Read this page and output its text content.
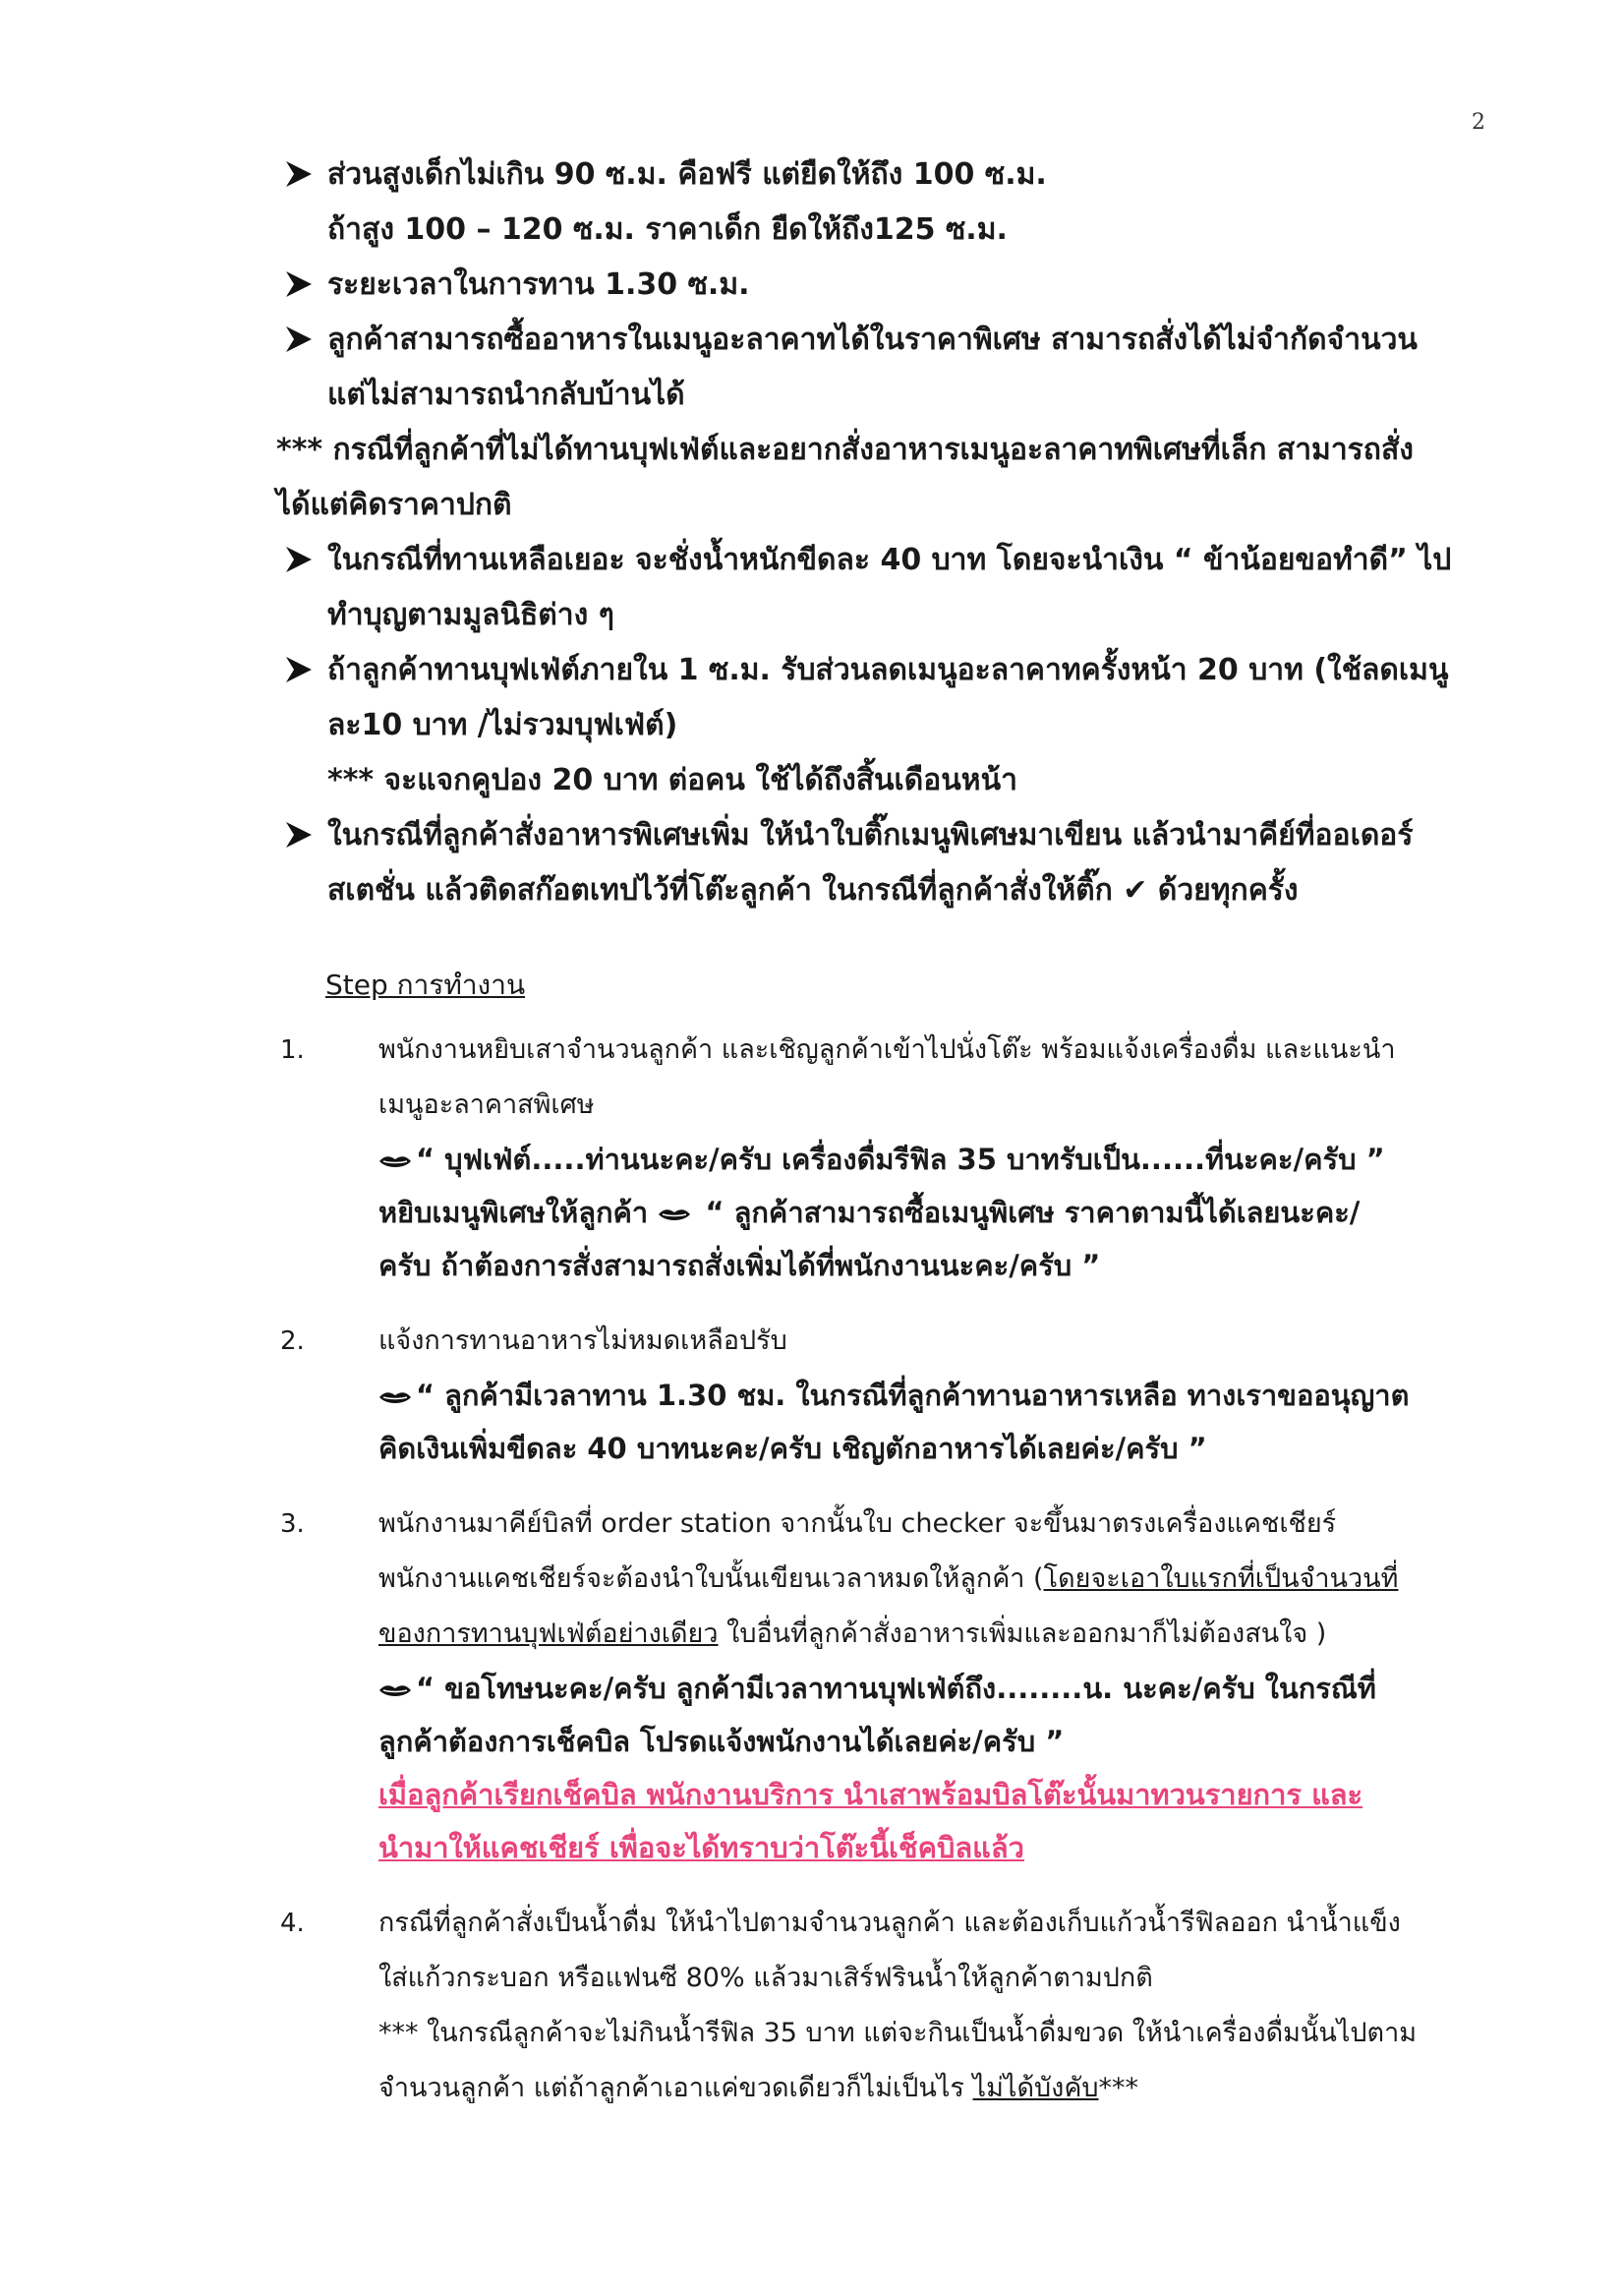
2
ส่วนสูงเด็กไม่เกิน 90 ซ.ม. คือฟรี แต่ยืดให้ถึง 100 ซ.ม.
ถ้าสูง 100 – 120 ซ.ม. ราคาเด็ก ยืดให้ถึง125 ซ.ม.
ระยะเวลาในการทาน 1.30 ซ.ม.
ลูกค้าสามารถซื้ออาหารในเมนูอะลาคาทได้ในราคาพิเศษ สามารถสั่งได้ไม่จำกัดจำนวน
แต่ไม่สามารถนำกลับบ้านได้
*** กรณีที่ลูกค้าที่ไม่ได้ทานบุฟเฟ่ต์และอยากสั่งอาหารเมนูอะลาคาทพิเศษที่เล็ก สามารถสั่ง
ได้แต่คิดราคาปกติ
ในกรณีที่ทานเหลือเยอะ จะชั่งน้ำหนักขีดละ 40 บาท โดยจะนำเงิน “ ข้าน้อยขอทำดี” ไป
ทำบุญตามมูลนิธิต่าง ๆ
ถ้าลูกค้าทานบุฟเฟ่ต์ภายใน 1 ซ.ม. รับส่วนลดเมนูอะลาคาทครั้งหน้า 20 บาท (ใช้ลดเมนู
ละ10 บาท /ไม่รวมบุฟเฟ่ต์)
*** จะแจกคูปอง 20 บาท ต่อคน ใช้ได้ถึงสิ้นเดือนหน้า
ในกรณีที่ลูกค้าสั่งอาหารพิเศษเพิ่ม ให้นำใบติ๊กเมนูพิเศษมาเขียน แล้วนำมาคีย์ที่ออเดอร์
สเตชั่น แล้วติดสก๊อตเทปไว้ที่โต๊ะลูกค้า ในกรณีที่ลูกค้าสั่งให้ติ๊ก ✔ ด้วยทุกครั้ง
Step การทำงาน
1.	พนักงานหยิบเสาจำนวนลูกค้า และเชิญลูกค้าเข้าไปนั่งโต๊ะ พร้อมแจ้งเครื่องดื่ม และแนะนำ
เมนูอะลาคาสพิเศษ
“ บุฟเฟ่ต์.....ท่านนะคะ/ครับ เครื่องดื่มรีฟิล 35 บาทรับเป็น......ที่นะคะ/ครับ ”
หยิบเมนูพิเศษให้ลูกค้า “ ลูกค้าสามารถซื้อเมนูพิเศษ ราคาตามนี้ได้เลยนะคะ/
ครับ ถ้าต้องการสั่งสามารถสั่งเพิ่มได้ที่พนักงานนะคะ/ครับ ”
2.	แจ้งการทานอาหารไม่หมดเหลือปรับ
“ ลูกค้ามีเวลาทาน 1.30 ชม. ในกรณีที่ลูกค้าทานอาหารเหลือ ทางเราขออนุญาต
คิดเงินเพิ่มขีดละ 40 บาทนะคะ/ครับ เชิญตักอาหารได้เลยค่ะ/ครับ ”
3.	พนักงานมาคีย์บิลที่ order station จากนั้นใบ checker จะขึ้นมาตรงเครื่องแคชเชียร์
พนักงานแคชเชียร์จะต้องนำใบนั้นเขียนเวลาหมดให้ลูกค้า (โดยจะเอาใบแรกที่เป็นจำนวนที่
ของการทานบุฟเฟ่ต์อย่างเดียว ใบอื่นที่ลูกค้าสั่งอาหารเพิ่มและออกมาก็ไม่ต้องสนใจ )
“ ขอโทษนะคะ/ครับ ลูกค้ามีเวลาทานบุฟเฟ่ต์ถึง........น. นะคะ/ครับ ในกรณีที่
ลูกค้าต้องการเช็คบิล โปรดแจ้งพนักงานได้เลยค่ะ/ครับ ”
เมื่อลูกค้าเรียกเช็คบิล พนักงานบริการ นำเสาพร้อมบิลโต๊ะนั้นมาทวนรายการ และ
นำมาให้แคชเชียร์ เพื่อจะได้ทราบว่าโต๊ะนี้เช็คบิลแล้ว
4.	กรณีที่ลูกค้าสั่งเป็นน้ำดื่ม ให้นำไปตามจำนวนลูกค้า และต้องเก็บแก้วน้ำรีฟิลออก นำน้ำแข็ง
ใส่แก้วกระบอก หรือแฟนซี 80% แล้วมาเสิร์ฟรินน้ำให้ลูกค้าตามปกติ
*** ในกรณีลูกค้าจะไม่กินน้ำรีฟิล 35 บาท แต่จะกินเป็นน้ำดื่มขวด ให้นำเครื่องดื่มนั้นไปตาม
จำนวนลูกค้า แต่ถ้าลูกค้าเอาแค่ขวดเดียวก็ไม่เป็นไร ไม่ได้บังคับ***
